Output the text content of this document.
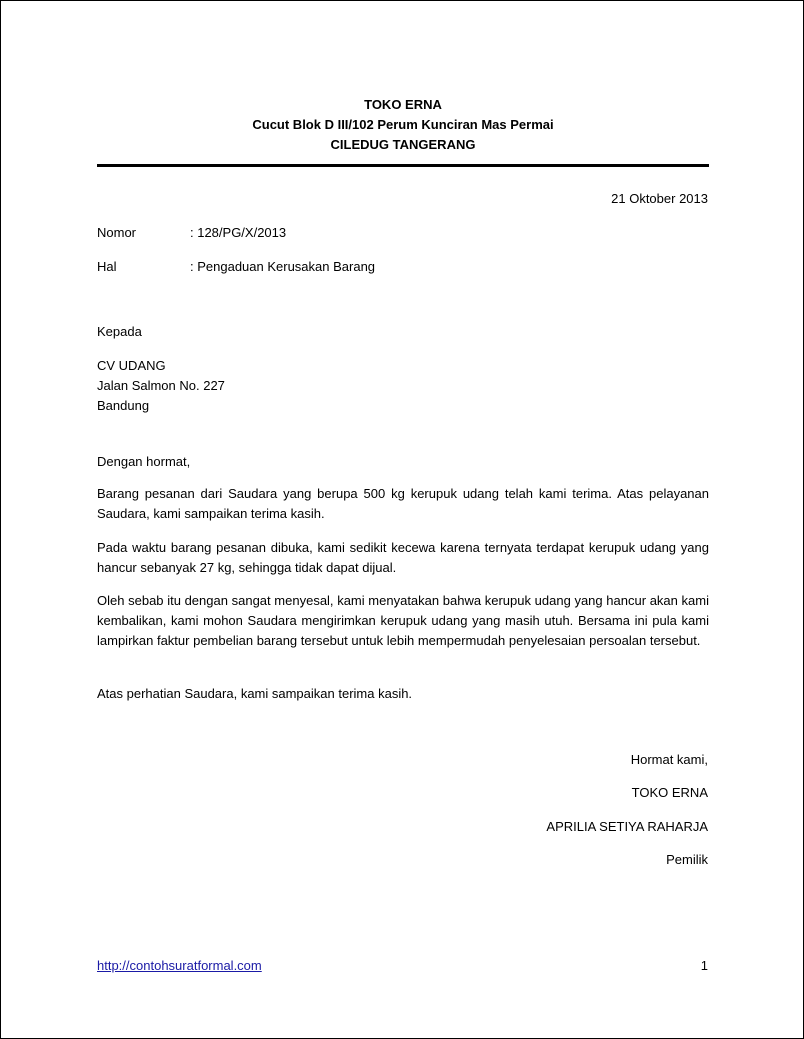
TOKO ERNA
Cucut Blok D III/102 Perum Kunciran Mas Permai
CILEDUG TANGERANG
21 Oktober 2013
Nomor	: 128/PG/X/2013
Hal	: Pengaduan Kerusakan Barang
Kepada
CV UDANG
Jalan Salmon No. 227
Bandung
Dengan hormat,
Barang pesanan dari Saudara yang berupa 500 kg kerupuk udang telah kami terima. Atas pelayanan Saudara, kami sampaikan terima kasih.
Pada waktu barang pesanan dibuka, kami sedikit kecewa karena ternyata terdapat kerupuk udang yang hancur sebanyak 27 kg, sehingga tidak dapat dijual.
Oleh sebab itu dengan sangat menyesal, kami menyatakan bahwa kerupuk udang yang hancur akan kami kembalikan, kami mohon Saudara mengirimkan kerupuk udang yang masih utuh. Bersama ini pula kami lampirkan faktur pembelian barang tersebut untuk lebih mempermudah penyelesaian persoalan tersebut.
Atas perhatian Saudara, kami sampaikan terima kasih.
Hormat kami,
TOKO ERNA
APRILIA SETIYA RAHARJA
Pemilik
http://contohsuratformal.com	1
